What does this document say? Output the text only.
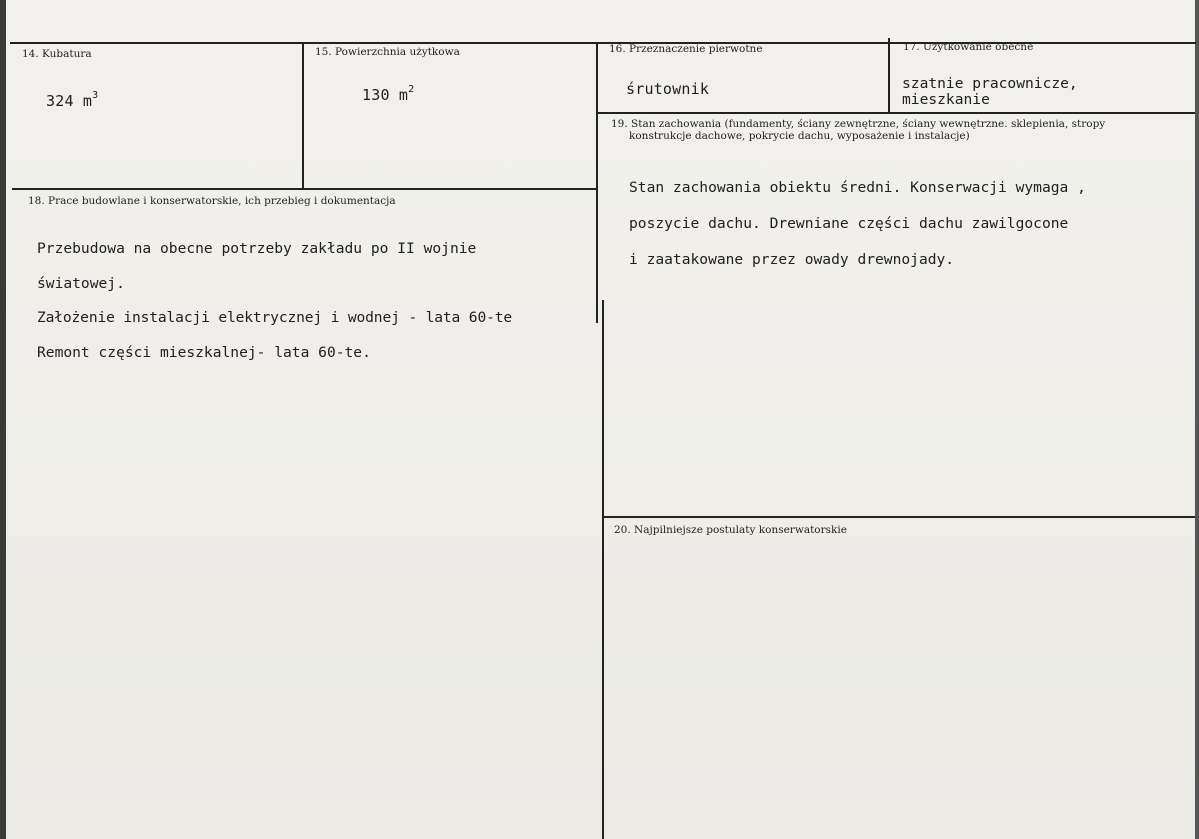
14. Kubatura
324 $m^3$
15. Powierzchnia użytkowa
130 $m^2$
16. Przeznaczenie pierwotne
śrutownik
17. Użytkowanie obecne
szatnie pracownicze,
mieszkanie
18. Prace budowlane i konserwatorskie, ich przebieg i dokumentacja
Przebudowa na obecne potrzeby zakładu po II wojnie
światowej.
Założenie instalacji elektrycznej i wodnej - lata 60-te
Remont części mieszkalnej- lata 60-te.
19. Stan zachowania (fundamenty, ściany zewnętrzne, ściany wewnętrzne. sklepienia, stropy
konstrukcje dachowe, pokrycie dachu, wyposażenie i instalacje)
Stan zachowania obiektu średni. Konserwacji wymaga ,
poszycie dachu. Drewniane części dachu zawilgocone
i zaatakowane przez owady drewnojady.
20. Najpilniejsze postulaty konserwatorskie
